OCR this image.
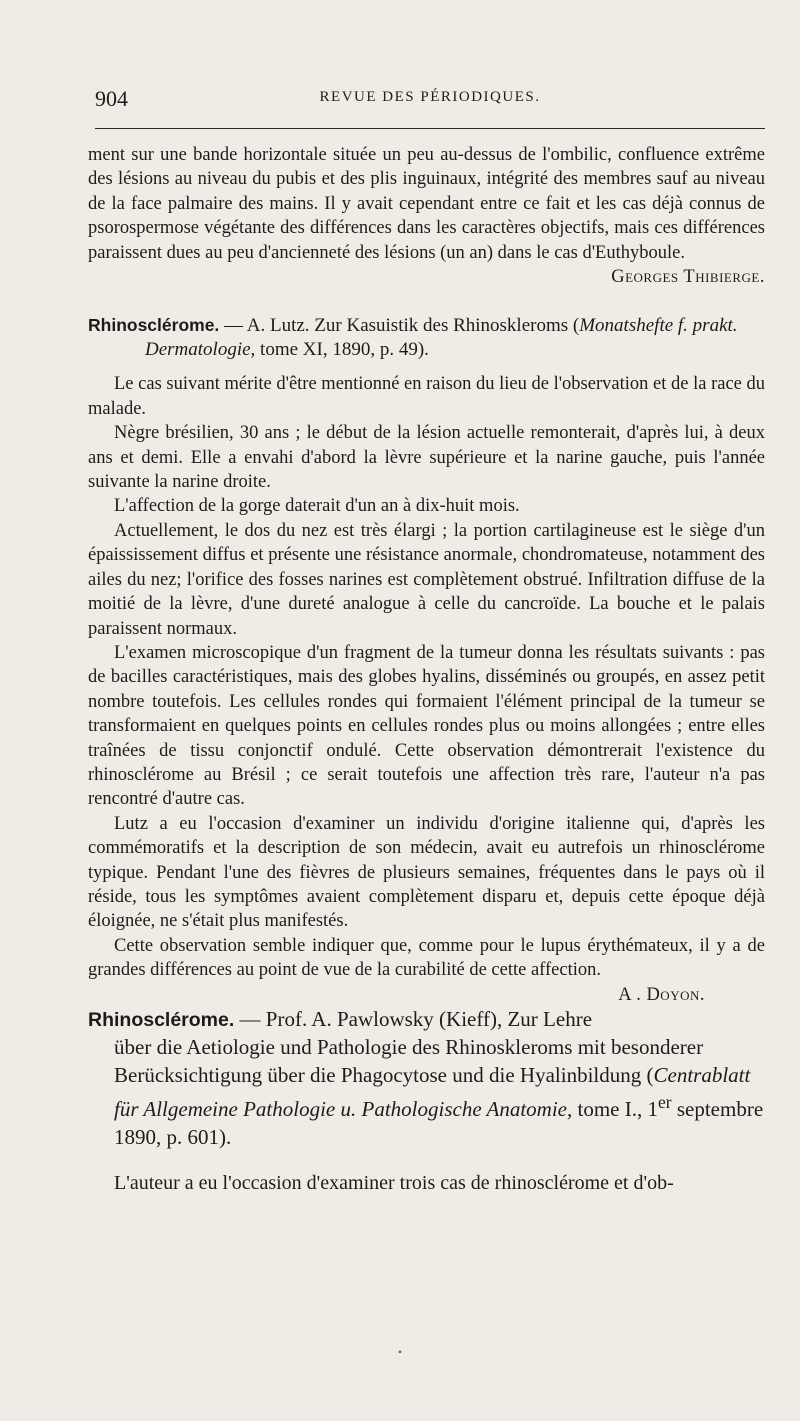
904	REVUE DES PÉRIODIQUES.

ment sur une bande horizontale située un peu au-dessus de l'ombilic, confluence extrême des lésions au niveau du pubis et des plis inguinaux, intégrité des membres sauf au niveau de la face palmaire des mains. Il y avait cependant entre ce fait et les cas déjà connus de psorospermose végétante des différences dans les caractères objectifs, mais ces différences paraissent dues au peu d'ancienneté des lésions (un an) dans le cas d'Euthyboule.

Georges Thibierge.

Rhinosclérome. — A. Lutz. Zur Kasuistik des Rhinoskleroms (Monatshefte f. prakt. Dermatologie, tome XI, 1890, p. 49).

Le cas suivant mérite d'être mentionné en raison du lieu de l'observation et de la race du malade.

Nègre brésilien, 30 ans ; le début de la lésion actuelle remonterait, d'après lui, à deux ans et demi. Elle a envahi d'abord la lèvre supérieure et la narine gauche, puis l'année suivante la narine droite.

L'affection de la gorge daterait d'un an à dix-huit mois.

Actuellement, le dos du nez est très élargi ; la portion cartilagineuse est le siège d'un épaississement diffus et présente une résistance anormale, chondromateuse, notamment des ailes du nez; l'orifice des fosses narines est complètement obstrué. Infiltration diffuse de la moitié de la lèvre, d'une dureté analogue à celle du cancroïde. La bouche et le palais paraissent normaux.

L'examen microscopique d'un fragment de la tumeur donna les résultats suivants : pas de bacilles caractéristiques, mais des globes hyalins, disséminés ou groupés, en assez petit nombre toutefois. Les cellules rondes qui formaient l'élément principal de la tumeur se transformaient en quelques points en cellules rondes plus ou moins allongées ; entre elles traînées de tissu conjonctif ondulé. Cette observation démontrerait l'existence du rhinosclérome au Brésil ; ce serait toutefois une affection très rare, l'auteur n'a pas rencontré d'autre cas.

Lutz a eu l'occasion d'examiner un individu d'origine italienne qui, d'après les commémoratifs et la description de son médecin, avait eu autrefois un rhinosclérome typique. Pendant l'une des fièvres de plusieurs semaines, fréquentes dans le pays où il réside, tous les symptômes avaient complètement disparu et, depuis cette époque déjà éloignée, ne s'était plus manifestés.

Cette observation semble indiquer que, comme pour le lupus érythémateux, il y a de grandes différences au point de vue de la curabilité de cette affection.
A . Doyon.

Rhinosclérome. — Prof. A. Pawlowsky (Kieff), Zur Lehre über die Aetiologie und Pathologie des Rhinoskleroms mit besonderer Berücksichtigung über die Phagocytose und die Hyalinbildung (Centrablatt für Allgemeine Pathologie u. Pathologische Anatomie, tome I., 1er septembre 1890, p. 601).

L'auteur a eu l'occasion d'examiner trois cas de rhinosclérome et d'ob-

•
